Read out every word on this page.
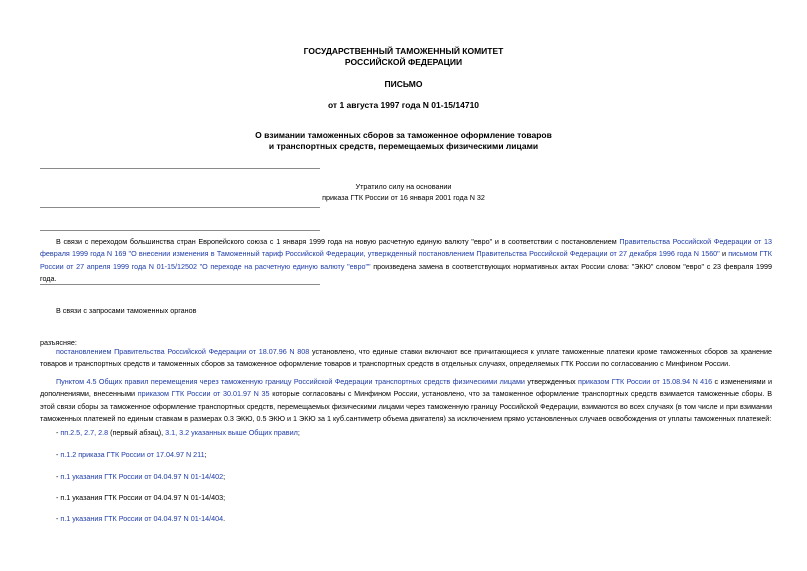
ГОСУДАРСТВЕННЫЙ ТАМОЖЕННЫЙ КОМИТЕТ
РОССИЙСКОЙ ФЕДЕРАЦИИ
ПИСЬМО
от 1 августа 1997 года N 01-15/14710
О взимании таможенных сборов за таможенное оформление товаров
и транспортных средств, перемещаемых физическими лицами
Утратило силу на основании
приказа ГТК России от 16 января 2001 года N 32
В связи с переходом большинства стран Европейского союза с 1 января 1999 года на новую расчетную единую валюту "евро" и в соответствии с постановлением Правительства Российской Федерации от 13 февраля 1999 года N 169 "О внесении изменения в Таможенный тариф Российской Федерации, утвержденный постановлением Правительства Российской Федерации от 27 декабря 1996 года N 1560" и письмом ГТК России от 27 апреля 1999 года N 01-15/12502 "О переходе на расчетную единую валюту "евро"" произведена замена в соответствующих нормативных актах России слова: "ЭКЮ" словом "евро" с 23 февраля 1999 года.
В связи с запросами таможенных органов
разъясняе:
постановлением Правительства Российской Федерации от 18.07.96 N 808 установлено, что единые ставки включают все причитающиеся к уплате таможенные платежи кроме таможенных сборов за хранение товаров и транспортных средств и таможенных сборов за таможенное оформление товаров и транспортных средств в отдельных случаях, определяемых ГТК России по согласованию с Минфином России.
Пунктом 4.5 Общих правил перемещения через таможенную границу Российской Федерации транспортных средств физическими лицами утвержденных приказом ГТК России от 15.08.94 N 416 с изменениями и дополнениями, внесенными приказом ГТК России от 30.01.97 N 35 которые согласованы с Минфином России, установлено, что за таможенное оформление транспортных средств взимается таможенные сборы. В этой связи сборы за таможенное оформление транспортных средств, перемещаемых физическими лицами через таможенную границу Российской Федерации, взимаются во всех случаях (в том числе и при взимании таможенных платежей по единым ставкам в размерах 0.3 ЭКЮ, 0.5 ЭКЮ и 1 ЭКЮ за 1 куб.сантиметр объема двигателя) за исключением прямо установленных случаев освобождения от уплаты таможенных платежей:
- пп.2.5, 2.7, 2.8 (первый абзац), 3.1, 3.2 указанных выше Общих правил;
- п.1.2 приказа ГТК России от 17.04.97 N 211;
- п.1 указания ГТК России от 04.04.97 N 01-14/402;
- п.1 указания ГТК России от 04.04.97 N 01-14/403;
- п.1 указания ГТК России от 04.04.97 N 01-14/404.
